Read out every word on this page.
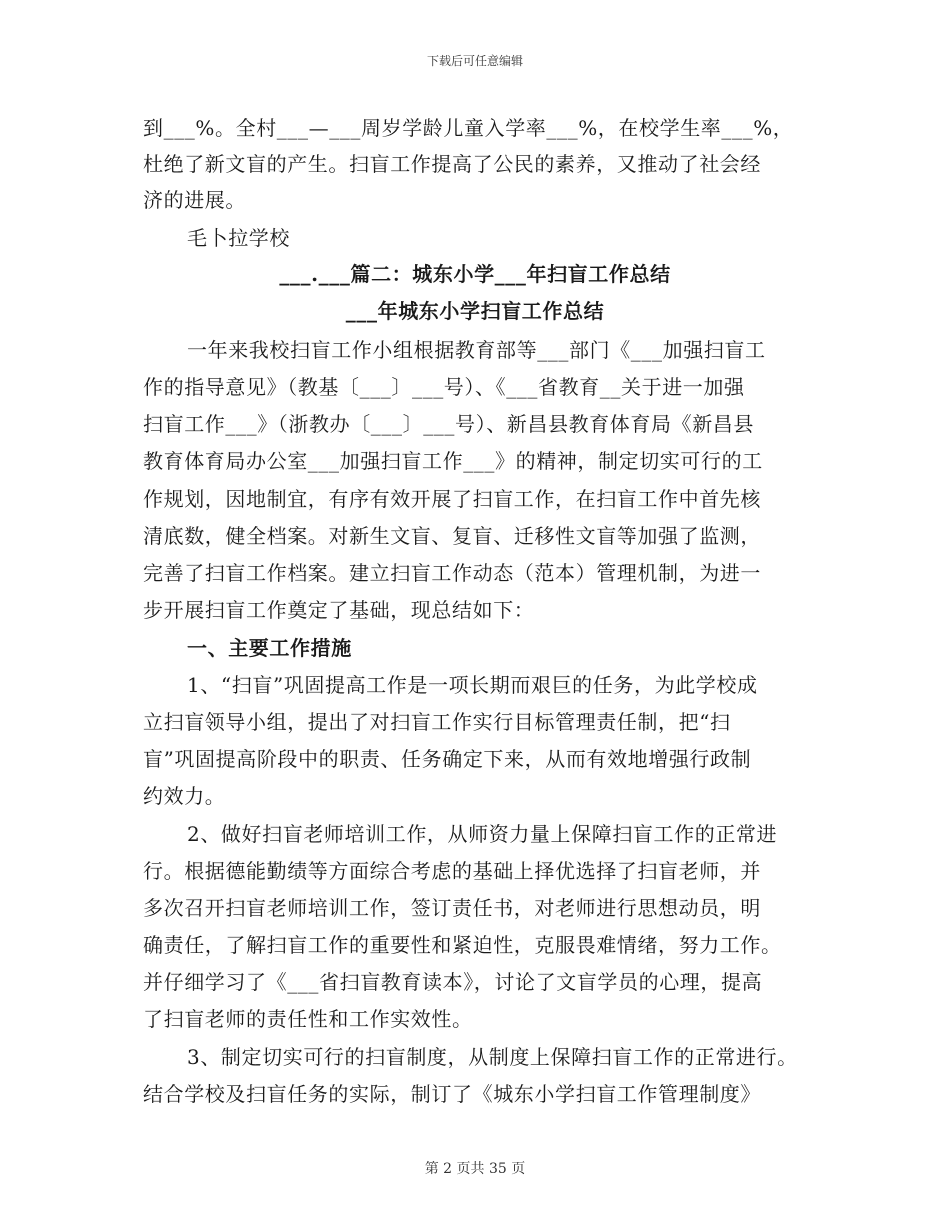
下载后可任意编辑
到___%。全村___—___周岁学龄儿童入学率___%，在校学生率___%，
杜绝了新文盲的产生。扫盲工作提高了公民的素养，又推动了社会经
济的进展。
毛卜拉学校
___.___篇二：城东小学___年扫盲工作总结
___年城东小学扫盲工作总结
一年来我校扫盲工作小组根据教育部等___部门《___加强扫盲工
作的指导意见》（教基〔___〕___号）、《___省教育__关于进一加强
扫盲工作___》（浙教办〔___〕___号）、新昌县教育体育局《新昌县
教育体育局办公室___加强扫盲工作___》的精神，制定切实可行的工
作规划，因地制宜，有序有效开展了扫盲工作，在扫盲工作中首先核
清底数，健全档案。对新生文盲、复盲、迁移性文盲等加强了监测，
完善了扫盲工作档案。建立扫盲工作动态（范本）管理机制，为进一
步开展扫盲工作奠定了基础，现总结如下：
一、主要工作措施
1、“扫盲”巩固提高工作是一项长期而艰巨的任务，为此学校成
立扫盲领导小组，提出了对扫盲工作实行目标管理责任制，把“扫
盲”巩固提高阶段中的职责、任务确定下来，从而有效地增强行政制
约效力。
2、做好扫盲老师培训工作，从师资力量上保障扫盲工作的正常进
行。根据德能勤绩等方面综合考虑的基础上择优选择了扫盲老师，并
多次召开扫盲老师培训工作，签订责任书，对老师进行思想动员，明
确责任，了解扫盲工作的重要性和紧迫性，克服畏难情绪，努力工作。
并仔细学习了《___省扫盲教育读本》，讨论了文盲学员的心理，提高
了扫盲老师的责任性和工作实效性。
3、制定切实可行的扫盲制度，从制度上保障扫盲工作的正常进行。
结合学校及扫盲任务的实际，制订了《城东小学扫盲工作管理制度》
第 2 页共 35 页
